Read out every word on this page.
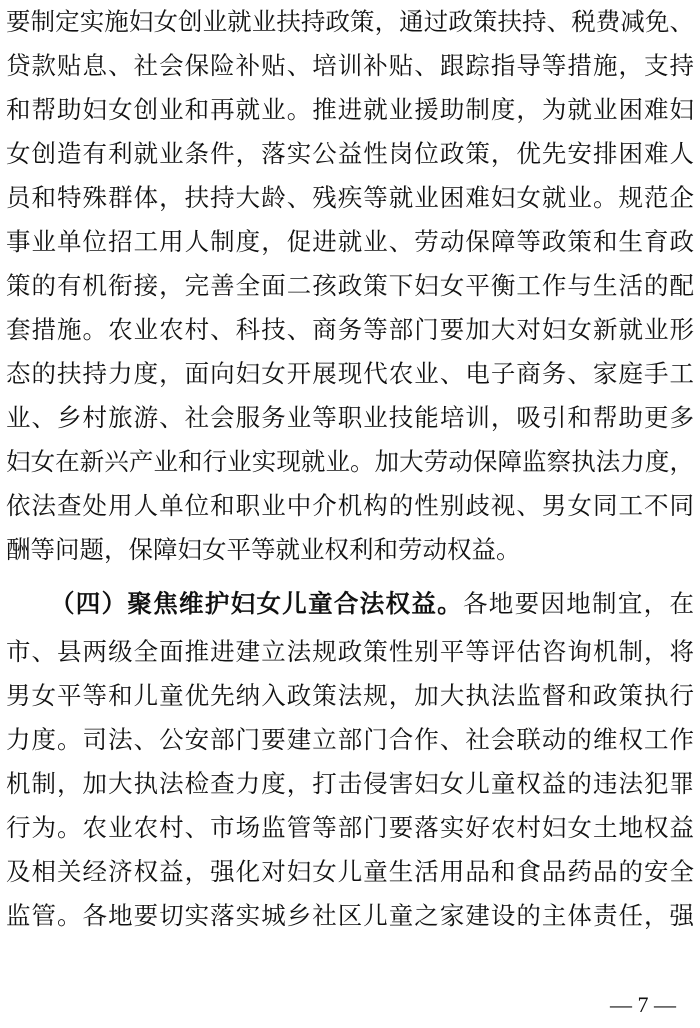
要制定实施妇女创业就业扶持政策，通过政策扶持、税费减免、
贷款贴息、社会保险补贴、培训补贴、跟踪指导等措施，支持
和帮助妇女创业和再就业。推进就业援助制度，为就业困难妇
女创造有利就业条件，落实公益性岗位政策，优先安排困难人
员和特殊群体，扶持大龄、残疾等就业困难妇女就业。规范企
事业单位招工用人制度，促进就业、劳动保障等政策和生育政
策的有机衔接，完善全面二孩政策下妇女平衡工作与生活的配
套措施。农业农村、科技、商务等部门要加大对妇女新就业形
态的扶持力度，面向妇女开展现代农业、电子商务、家庭手工
业、乡村旅游、社会服务业等职业技能培训，吸引和帮助更多
妇女在新兴产业和行业实现就业。加大劳动保障监察执法力度，
依法查处用人单位和职业中介机构的性别歧视、男女同工不同
酬等问题，保障妇女平等就业权利和劳动权益。
（四）聚焦维护妇女儿童合法权益。各地要因地制宜，在
市、县两级全面推进建立法规政策性别平等评估咨询机制，将
男女平等和儿童优先纳入政策法规，加大执法监督和政策执行
力度。司法、公安部门要建立部门合作、社会联动的维权工作
机制，加大执法检查力度，打击侵害妇女儿童权益的违法犯罪
行为。农业农村、市场监管等部门要落实好农村妇女土地权益
及相关经济权益，强化对妇女儿童生活用品和食品药品的安全
监管。各地要切实落实城乡社区儿童之家建设的主体责任，强
— 7 —
